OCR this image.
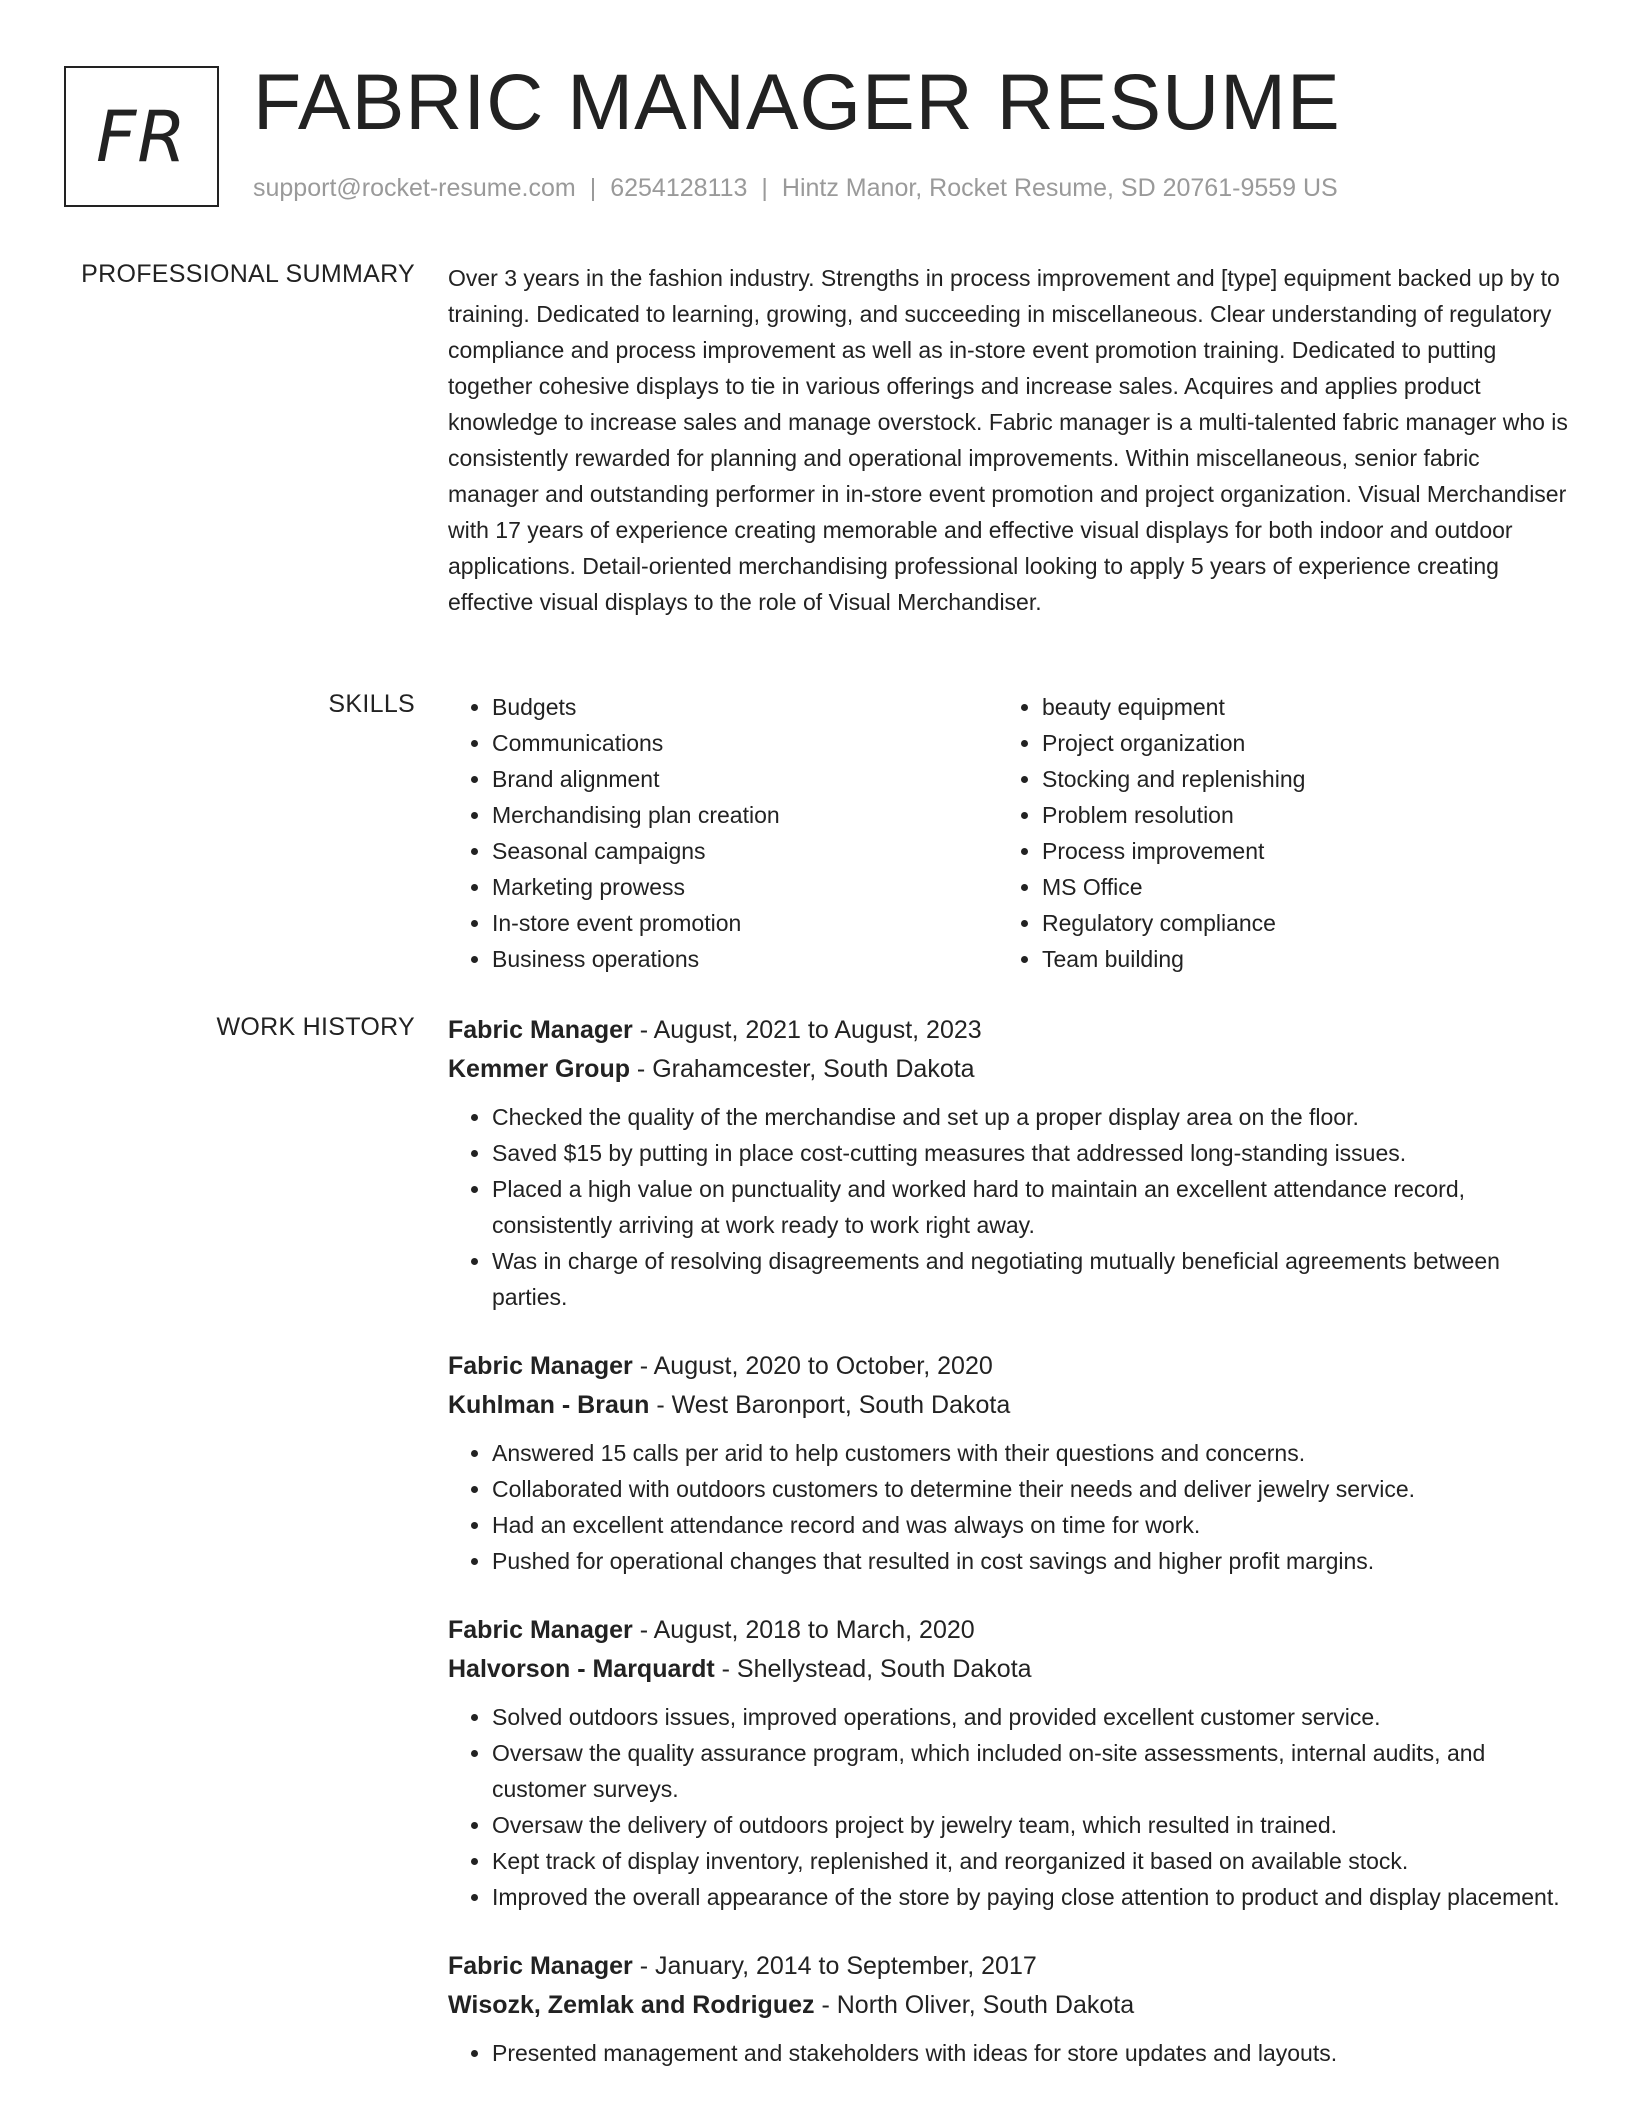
FR FABRIC MANAGER RESUME
support@rocket-resume.com | 6254128113 | Hintz Manor, Rocket Resume, SD 20761-9559 US
PROFESSIONAL SUMMARY Over 3 years in the fashion industry. Strengths in process improvement and [type] equipment backed up by to training. Dedicated to learning, growing, and succeeding in miscellaneous. Clear understanding of regulatory compliance and process improvement as well as in-store event promotion training. Dedicated to putting together cohesive displays to tie in various offerings and increase sales. Acquires and applies product knowledge to increase sales and manage overstock. Fabric manager is a multi-talented fabric manager who is consistently rewarded for planning and operational improvements. Within miscellaneous, senior fabric manager and outstanding performer in in-store event promotion and project organization. Visual Merchandiser with 17 years of experience creating memorable and effective visual displays for both indoor and outdoor applications. Detail-oriented merchandising professional looking to apply 5 years of experience creating effective visual displays to the role of Visual Merchandiser.

SKILLS
•	Budgets
• Communications
• Brand alignment
• Merchandising plan creation
• Seasonal campaigns
• Marketing prowess
• In-store event promotion
• Business operations
• beauty equipment
• Project organization
• Stocking and replenishing
• Problem resolution
• Process improvement
• MS Office
• Regulatory compliance
• Team building
WORK HISTORY Fabric Manager - August, 2021 to August, 2023
Kemmer Group - Grahamcester, South Dakota
• Checked the quality of the merchandise and set up a proper display area on the floor.
• Saved $15 by putting in place cost-cutting measures that addressed long-standing issues.
• Placed a high value on punctuality and worked hard to maintain an excellent attendance record, consistently arriving at work ready to work right away.
• Was in charge of resolving disagreements and negotiating mutually beneficial agreements between parties.
Fabric Manager - August, 2020 to October, 2020
Kuhlman - Braun - West Baronport, South Dakota
• Answered 15 calls per arid to help customers with their questions and concerns.
• Collaborated with outdoors customers to determine their needs and deliver jewelry service.
• Had an excellent attendance record and was always on time for work.
• Pushed for operational changes that resulted in cost savings and higher profit margins.
Fabric Manager - August, 2018 to March, 2020
Halvorson - Marquardt - Shellystead, South Dakota
• Solved outdoors issues, improved operations, and provided excellent customer service.
• Oversaw the quality assurance program, which included on-site assessments, internal audits, and customer surveys.
• Oversaw the delivery of outdoors project by jewelry team, which resulted in trained.
• Kept track of display inventory, replenished it, and reorganized it based on available stock.
• Improved the overall appearance of the store by paying close attention to product and display placement.
Fabric Manager - January, 2014 to September, 2017
Wisozk, Zemlak and Rodriguez - North Oliver, South Dakota
• Presented management and stakeholders with ideas for store updates and layouts.
